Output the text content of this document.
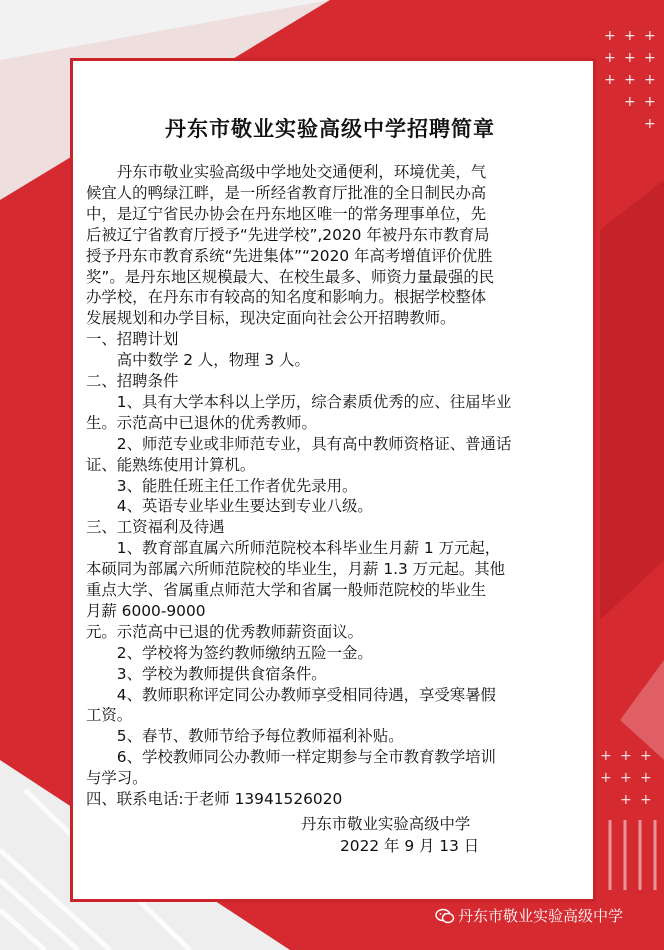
+ + +
+ + +
+ + +
+ +
+
+ + +
+ + +
+ +
丹东市敬业实验高级中学招聘简章
　　丹东市敬业实验高级中学地处交通便利，环境优美，气
候宜人的鸭绿江畔，是一所经省教育厅批准的全日制民办高
中，是辽宁省民办协会在丹东地区唯一的常务理事单位，先
后被辽宁省教育厅授予“先进学校”,2020 年被丹东市教育局
授予丹东市教育系统“先进集体”“2020 年高考增值评价优胜
奖”。是丹东地区规模最大、在校生最多、师资力量最强的民
办学校，在丹东市有较高的知名度和影响力。根据学校整体
发展规划和办学目标，现决定面向社会公开招聘教师。
一、招聘计划
　　高中数学 2 人，物理 3 人。
二、招聘条件
　　1、具有大学本科以上学历，综合素质优秀的应、往届毕业
生。示范高中已退休的优秀教师。
　　2、师范专业或非师范专业，具有高中教师资格证、普通话
证、能熟练使用计算机。
　　3、能胜任班主任工作者优先录用。
　　4、英语专业毕业生要达到专业八级。
三、工资福利及待遇
　　1、教育部直属六所师范院校本科毕业生月薪 1 万元起，
本硕同为部属六所师范院校的毕业生，月薪 1.3 万元起。其他
重点大学、省属重点师范大学和省属一般师范院校的毕业生
月薪 6000-9000
元。示范高中已退的优秀教师薪资面议。
　　2、学校将为签约教师缴纳五险一金。
　　3、学校为教师提供食宿条件。
　　4、教师职称评定同公办教师享受相同待遇，享受寒暑假
工资。
　　5、春节、教师节给予每位教师福利补贴。
　　6、学校教师同公办教师一样定期参与全市教育教学培训
与学习。
四、联系电话:于老师 13941526020
丹东市敬业实验高级中学
2022 年 9 月 13 日
丹东市敬业实验高级中学
